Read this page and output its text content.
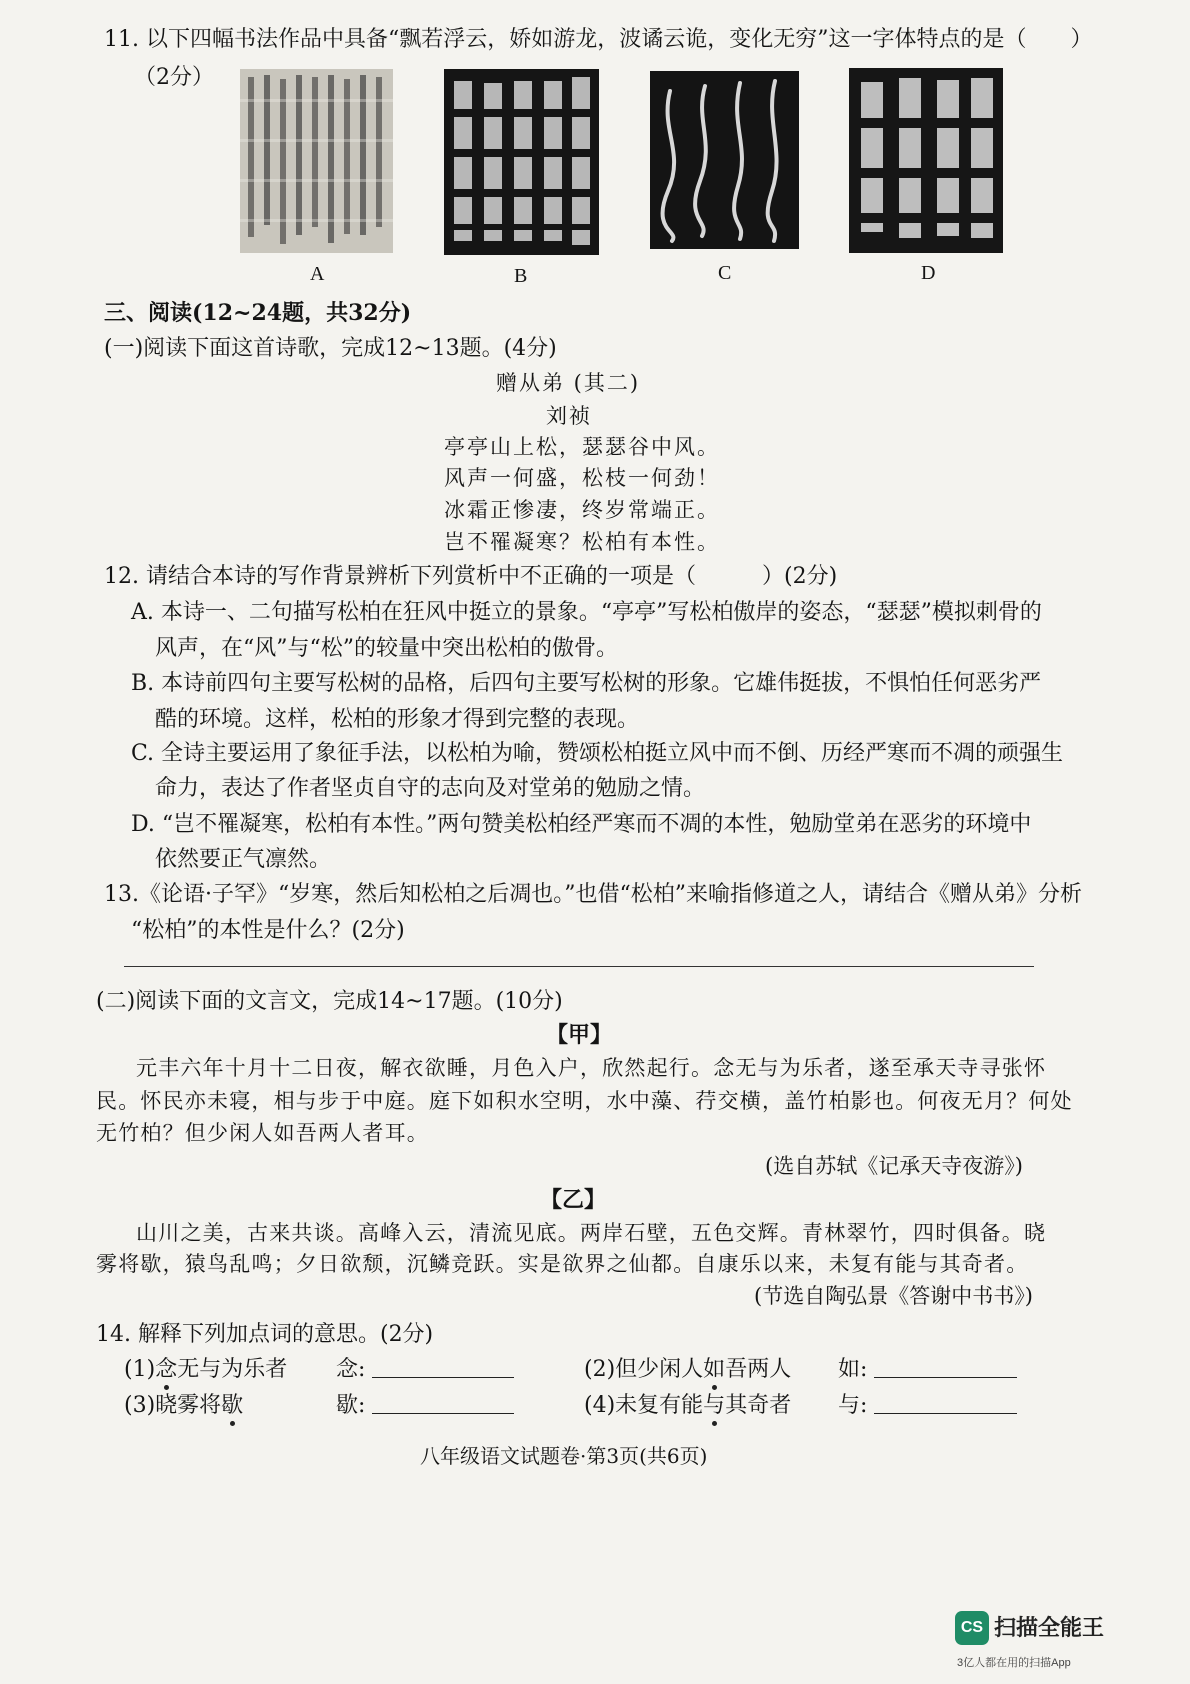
11. 以下四幅书法作品中具备“飘若浮云，娇如游龙，波谲云诡，变化无穷”这一字体特点的是（　　）
（2分）
A	B	C	D
三、阅读(12~24题，共32分)
(一)阅读下面这首诗歌，完成12~13题。(4分)
赠从弟 (其二)
刘祯
亭亭山上松，瑟瑟谷中风。
风声一何盛，松枝一何劲！
冰霜正惨凄，终岁常端正。
岂不罹凝寒？松柏有本性。
12. 请结合本诗的写作背景辨析下列赏析中不正确的一项是（　　　）(2分)
A. 本诗一、二句描写松柏在狂风中挺立的景象。“亭亭”写松柏傲岸的姿态，“瑟瑟”模拟刺骨的
风声，在“风”与“松”的较量中突出松柏的傲骨。
B. 本诗前四句主要写松树的品格，后四句主要写松树的形象。它雄伟挺拔，不惧怕任何恶劣严
酷的环境。这样，松柏的形象才得到完整的表现。
C. 全诗主要运用了象征手法，以松柏为喻，赞颂松柏挺立风中而不倒、历经严寒而不凋的顽强生
命力，表达了作者坚贞自守的志向及对堂弟的勉励之情。
D. “岂不罹凝寒，松柏有本性。”两句赞美松柏经严寒而不凋的本性，勉励堂弟在恶劣的环境中
依然要正气凛然。
13.《论语·子罕》“岁寒，然后知松柏之后凋也。”也借“松柏”来喻指修道之人，请结合《赠从弟》分析
“松柏”的本性是什么？(2分)
(二)阅读下面的文言文，完成14~17题。(10分)
【甲】
元丰六年十月十二日夜，解衣欲睡，月色入户，欣然起行。念无与为乐者，遂至承天寺寻张怀
民。怀民亦未寝，相与步于中庭。庭下如积水空明，水中藻、荇交横，盖竹柏影也。何夜无月？何处
无竹柏？但少闲人如吾两人者耳。
(选自苏轼《记承天寺夜游》)
【乙】
山川之美，古来共谈。高峰入云，清流见底。两岸石壁，五色交辉。青林翠竹，四时俱备。晓
雾将歇，猿鸟乱鸣；夕日欲颓，沉鳞竞跃。实是欲界之仙都。自康乐以来，未复有能与其奇者。
(节选自陶弘景《答谢中书书》)
14. 解释下列加点词的意思。(2分)
(1)念无与为乐者 念:	(2)但少闲人如吾两人 如:
(3)晓雾将歇	歇:	(4)未复有能与其奇者 与:
八年级语文试题卷·第3页(共6页)
CS 扫描全能王
3亿人都在用的扫描App
